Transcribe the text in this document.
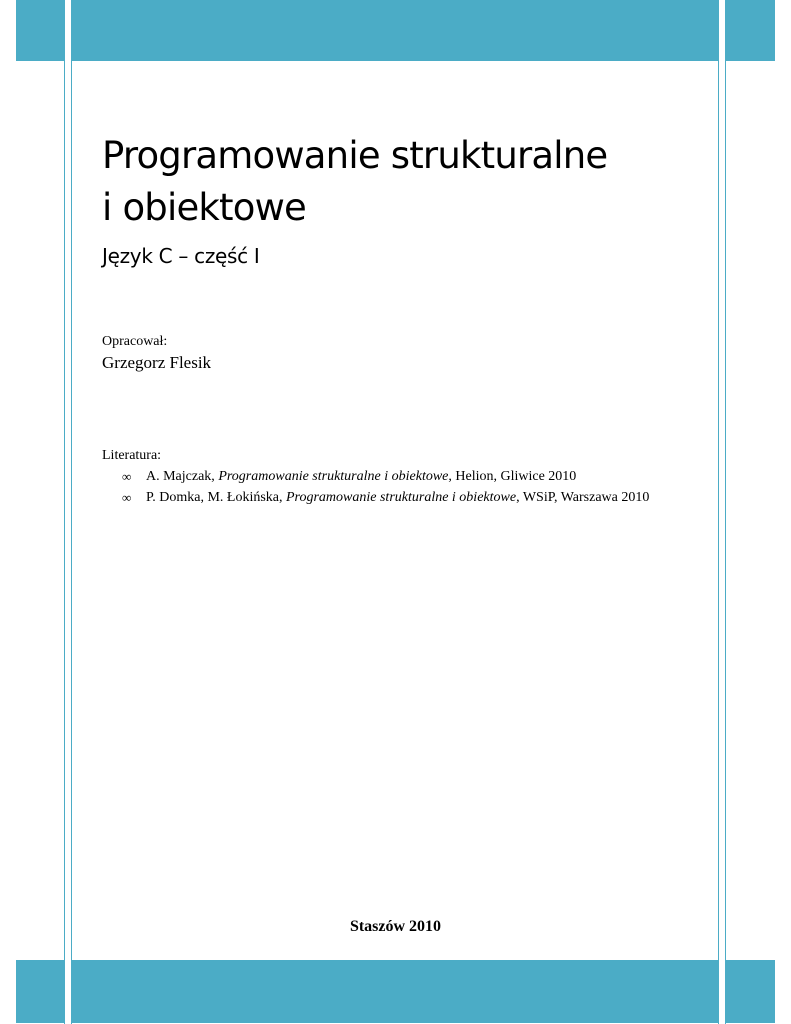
Programowanie strukturalne
i obiektowe

Język C – część I

Opracował:
Grzegorz Flesik
Literatura:
∞	A. Majczak, Programowanie strukturalne i obiektowe, Helion, Gliwice 2010
∞	P. Domka, M. Łokińska, Programowanie strukturalne i obiektowe, WSiP, Warszawa 2010
Staszów 2010
